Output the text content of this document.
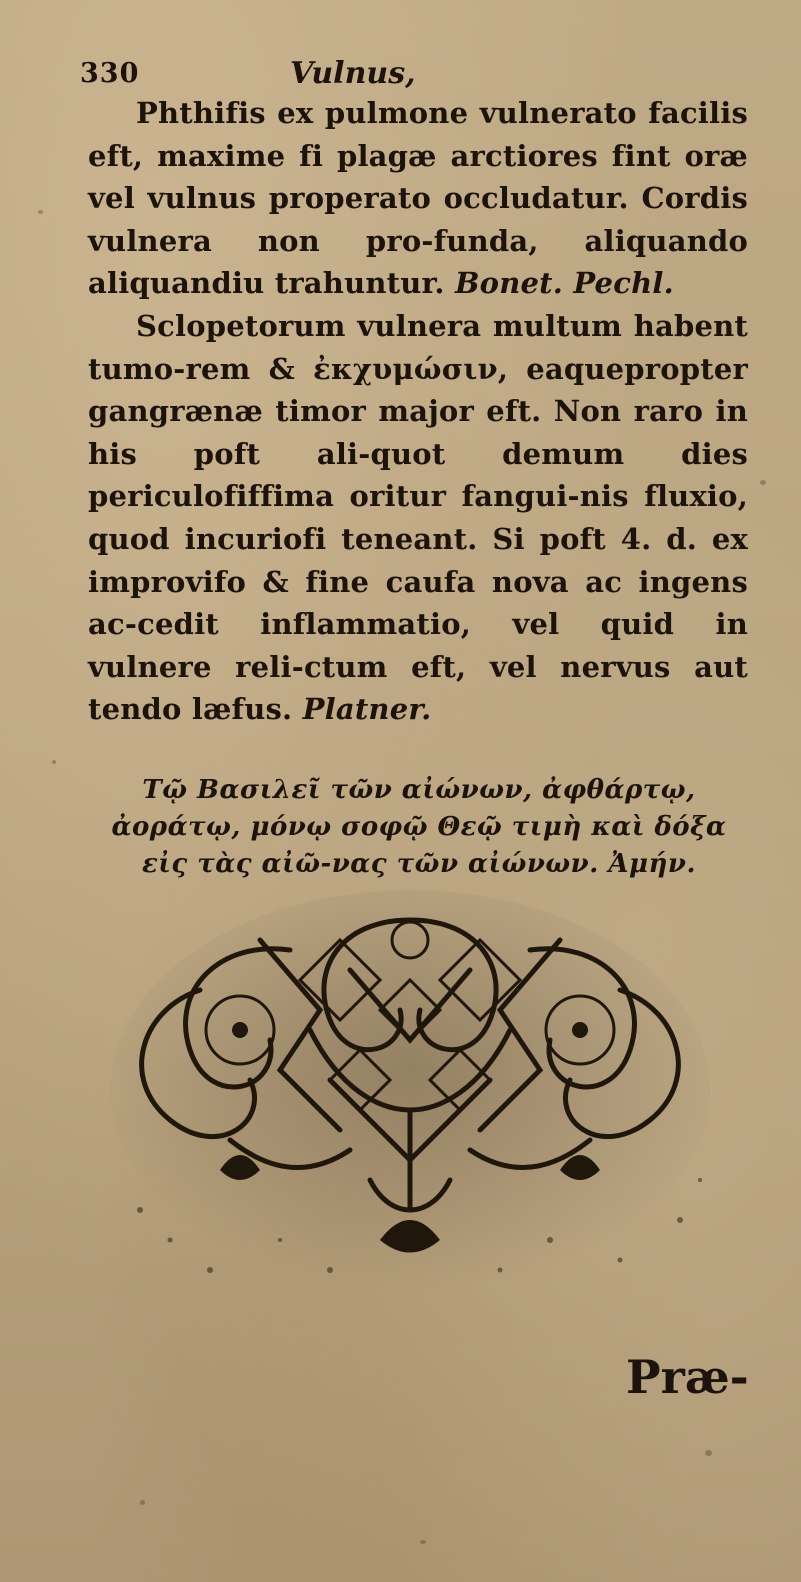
330	Vulnus,

Phthifis ex pulmone vulnerato facilis eft, maxime fi plagæ arctiores fint oræ vel vulnus properato occludatur. Cordis vulnera non pro-funda, aliquando aliquandiu trahuntur. Bonet. Pechl.

Sclopetorum vulnera multum habent tumo-rem & ἐκχυμώσιν, eaquepropter gangrænæ timor major eft. Non raro in his poft ali-quot demum dies periculofiffima oritur fangui-nis fluxio, quod incuriofi teneant. Si poft 4. d. ex improvifo & fine caufa nova ac ingens ac-cedit inflammatio, vel quid in vulnere reli-ctum eft, vel nervus aut tendo læfus. Platner.

Τῷ Βασιλεῖ τῶν αἰώνων, ἀφθάρτῳ, ἀοράτῳ, μόνῳ σοφῷ Θεῷ τιμὴ καὶ δόξα εἰς τὰς αἰῶ-νας τῶν αἰώνων. Ἀμήν.
Præ-
